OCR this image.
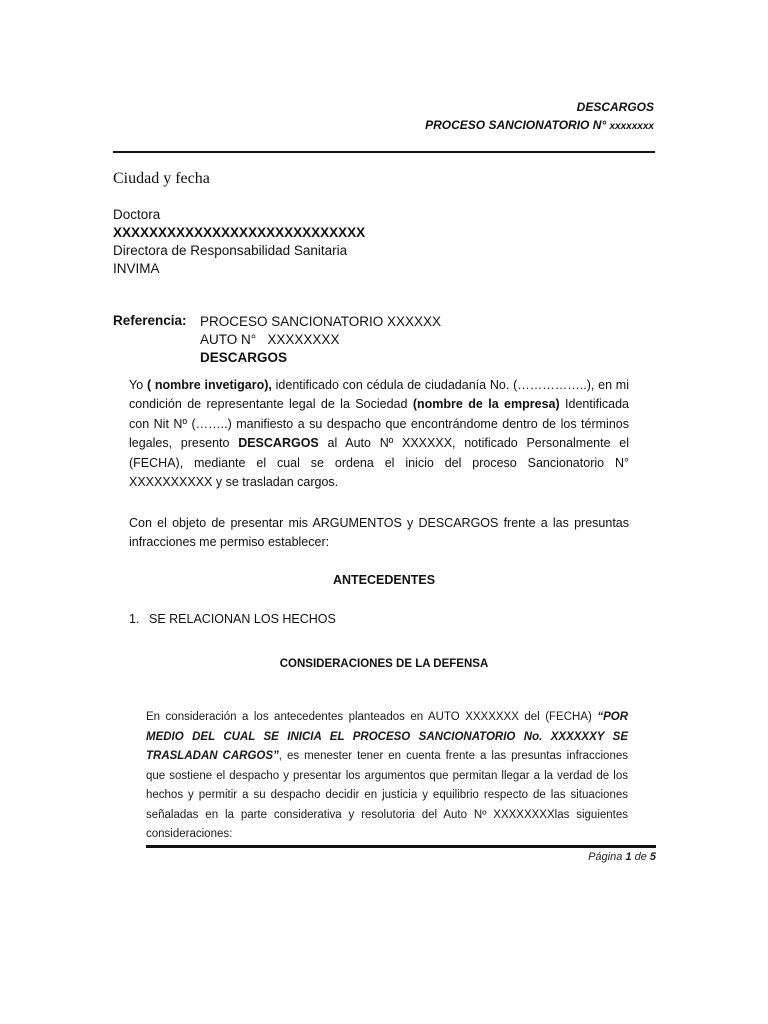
DESCARGOS
PROCESO SANCIONATORIO N° xxxxxxxx
Ciudad y fecha
Doctora
XXXXXXXXXXXXXXXXXXXXXXXXXXXX
Directora de Responsabilidad Sanitaria
INVIMA
Referencia: PROCESO SANCIONATORIO XXXXXX
AUTO N°   XXXXXXXX
DESCARGOS
Yo ( nombre invetigaro), identificado con cédula de ciudadanía No. (……………..), en mi condición de representante legal de la Sociedad (nombre de la empresa) Identificada con Nit Nº (……..) manifiesto a su despacho que encontrándome dentro de los términos legales, presento DESCARGOS al Auto Nº XXXXXX, notificado Personalmente el (FECHA), mediante el cual se ordena el inicio del proceso Sancionatorio N° XXXXXXXXXX y se trasladan cargos.
Con el objeto de presentar mis ARGUMENTOS y DESCARGOS frente a las presuntas infracciones me permiso establecer:
ANTECEDENTES
1. SE RELACIONAN LOS HECHOS
CONSIDERACIONES DE LA DEFENSA
En consideración a los antecedentes planteados en AUTO XXXXXXX del (FECHA) “POR MEDIO DEL CUAL SE INICIA EL PROCESO SANCIONATORIO No. XXXXXXY SE TRASLADAN CARGOS”, es menester tener en cuenta frente a las presuntas infracciones que sostiene el despacho y presentar los argumentos que permitan llegar a la verdad de los hechos y permitir a su despacho decidir en justicia y equilibrio respecto de las situaciones señaladas en la parte considerativa y resolutoria del Auto Nº XXXXXXXXlas siguientes consideraciones:
Página 1 de 5
